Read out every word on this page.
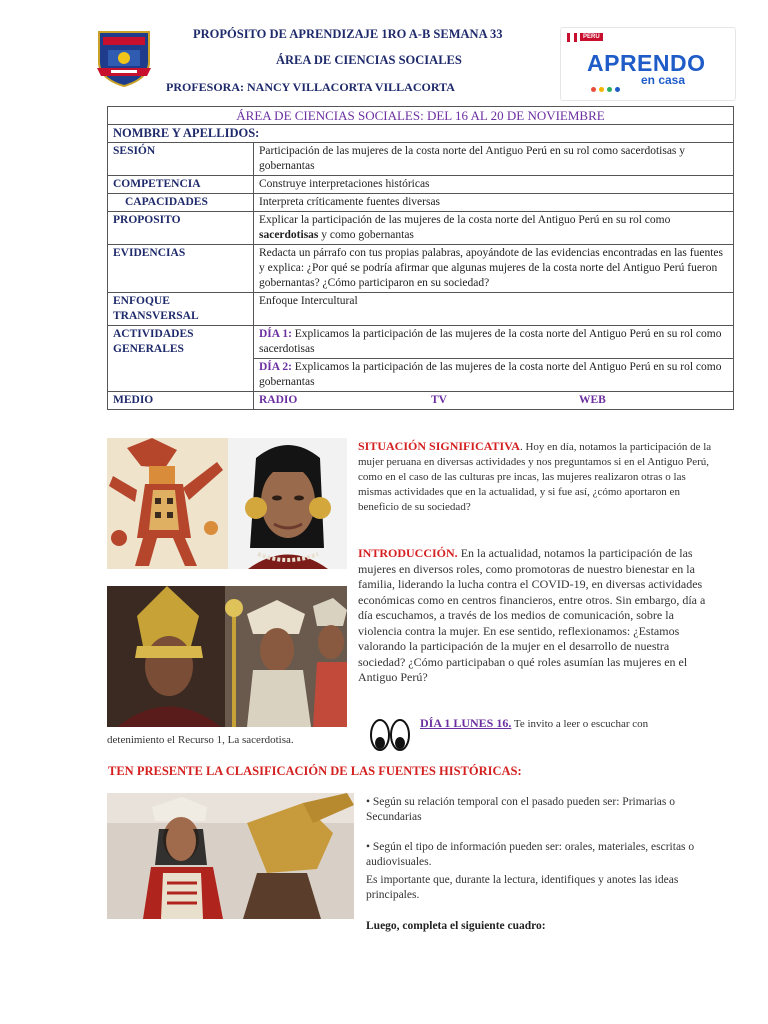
PROPÓSITO DE APRENDIZAJE 1RO A-B SEMANA 33
ÁREA DE CIENCIAS SOCIALES
PROFESORA: NANCY VILLACORTA VILLACORTA
PERÚ
APRENDO
en casa
ÁREA DE CIENCIAS SOCIALES: DEL 16 AL 20 DE NOVIEMBRE	
NOMBRE Y APELLIDOS:	
SESIÓN	Participación de las mujeres de la costa norte del Antiguo Perú en su rol como sacerdotisas y gobernantas
COMPETENCIA	Construye interpretaciones históricas
CAPACIDADES	Interpreta críticamente fuentes diversas
PROPOSITO	Explicar la participación de las mujeres de la costa norte del Antiguo Perú en su rol como sacerdotisas y como gobernantas
EVIDENCIAS	Redacta un párrafo con tus propias palabras, apoyándote de las evidencias encontradas en las fuentes y explica: ¿Por qué se podría afirmar que algunas mujeres de la costa norte del Antiguo Perú fueron gobernantas? ¿Cómo participaron en su sociedad?
ENFOQUE TRANSVERSAL	Enfoque Intercultural
ACTIVIDADES GENERALES	DÍA 1: Explicamos la participación de las mujeres de la costa norte del Antiguo Perú en su rol como sacerdotisas
	DÍA 2: Explicamos la participación de las mujeres de la costa norte del Antiguo Perú en su rol como gobernantas
MEDIO	RADIO TV WEB
SITUACIÓN SIGNIFICATIVA. Hoy en día, notamos la participación de la mujer peruana en diversas actividades y nos preguntamos si en el Antiguo Perú, como en el caso de las culturas pre incas, las mujeres realizaron otras o las mismas actividades que en la actualidad, y si fue así, ¿cómo aportaron en beneficio de su sociedad?
INTRODUCCIÓN. En la actualidad, notamos la participación de las mujeres en diversos roles, como promotoras de nuestro bienestar en la familia, liderando la lucha contra el COVID-19, en diversas actividades económicas como en centros financieros, entre otros. Sin embargo, día a día escuchamos, a través de los medios de comunicación, sobre la violencia contra la mujer. En ese sentido, reflexionamos: ¿Estamos valorando la participación de la mujer en el desarrollo de nuestra sociedad? ¿Cómo participaban o qué roles asumían las mujeres en el Antiguo Perú?
DÍA 1 LUNES 16. Te invito a leer o escuchar con
detenimiento el Recurso 1, La sacerdotisa.
TEN PRESENTE LA CLASIFICACIÓN DE LAS FUENTES HISTÓRICAS:
• Según su relación temporal con el pasado pueden ser: Primarias o Secundarias
• Según el tipo de información pueden ser: orales, materiales, escritas o audiovisuales.
Es importante que, durante la lectura, identifiques y anotes las ideas principales.
Luego, completa el siguiente cuadro:
